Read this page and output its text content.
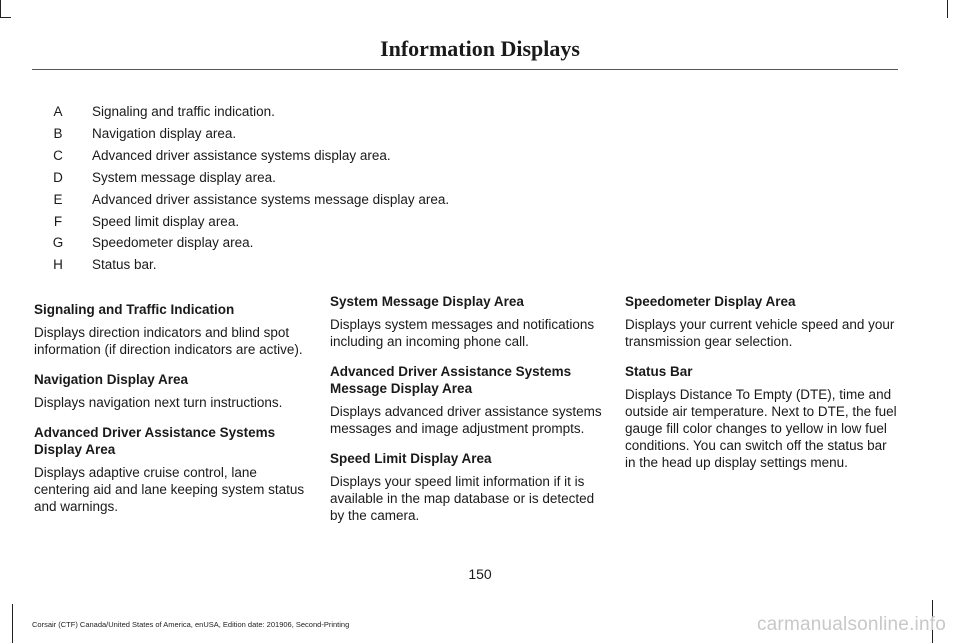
Information Displays
A Signaling and traffic indication.
B Navigation display area.
C Advanced driver assistance systems display area.
D System message display area.
E Advanced driver assistance systems message display area.
F Speed limit display area.
G Speedometer display area.
H Status bar.
Signaling and Traffic Indication

Displays direction indicators and blind spot information (if direction indicators are active).

Navigation Display Area

Displays navigation next turn instructions.

Advanced Driver Assistance Systems Display Area

Displays adaptive cruise control, lane centering aid and lane keeping system status and warnings.

System Message Display Area

Displays system messages and notifications including an incoming phone call.

Advanced Driver Assistance Systems Message Display Area

Displays advanced driver assistance systems messages and image adjustment prompts.

Speed Limit Display Area

Displays your speed limit information if it is available in the map database or is detected by the camera.

Speedometer Display Area

Displays your current vehicle speed and your transmission gear selection.

Status Bar

Displays Distance To Empty (DTE), time and outside air temperature. Next to DTE, the fuel gauge fill color changes to yellow in low fuel conditions. You can switch off the status bar in the head up display settings menu.

150
Corsair (CTF) Canada/United States of America, enUSA, Edition date: 201906, Second-Printing	carmanualsonline.info
